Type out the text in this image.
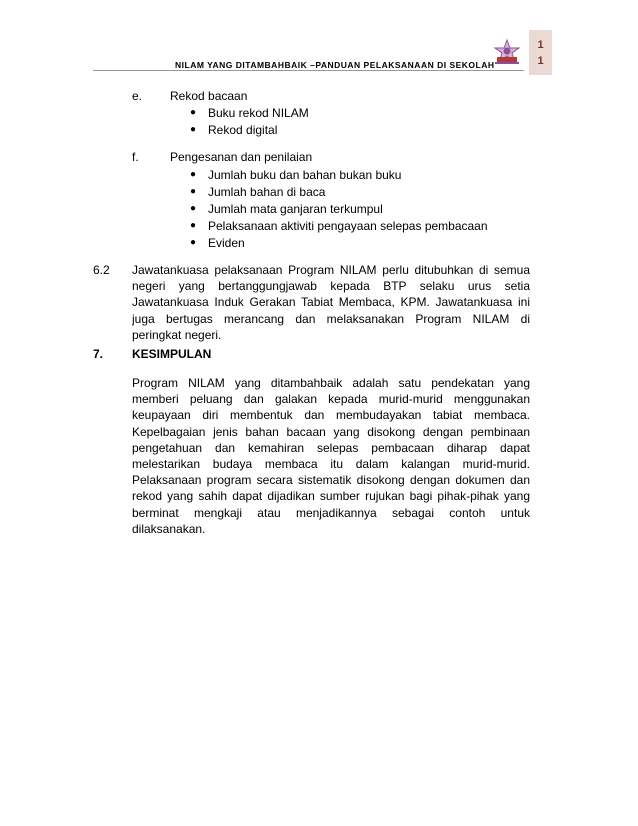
NILAM YANG DITAMBAHBAIK –PANDUAN PELAKSANAAN DI SEKOLAH
1
1
e. Rekod bacaan
● Buku rekod NILAM
● Rekod digital
f.	Pengesanan dan penilaian
● Jumlah buku dan bahan bukan buku
● Jumlah bahan di baca
● Jumlah mata ganjaran terkumpul
● Pelaksanaan aktiviti pengayaan selepas pembacaan
● Eviden
6.2 Jawatankuasa pelaksanaan Program NILAM perlu ditubuhkan di semua
negeri yang bertanggungjawab kepada BTP selaku urus setia
Jawatankuasa Induk Gerakan Tabiat Membaca, KPM. Jawatankuasa ini
juga bertugas merancang dan melaksanakan Program NILAM di
peringkat negeri.
7. KESIMPULAN
Program NILAM yang ditambahbaik adalah satu pendekatan yang
memberi peluang dan galakan kepada murid-murid menggunakan
keupayaan diri membentuk dan membudayakan tabiat membaca.
Kepelbagaian jenis bahan bacaan yang disokong dengan pembinaan
pengetahuan dan kemahiran selepas pembacaan diharap dapat
melestarikan budaya membaca itu dalam kalangan murid-murid.
Pelaksanaan program secara sistematik disokong dengan dokumen dan
rekod yang sahih dapat dijadikan sumber rujukan bagi pihak-pihak yang
berminat mengkaji atau menjadikannya sebagai contoh untuk
dilaksanakan.
